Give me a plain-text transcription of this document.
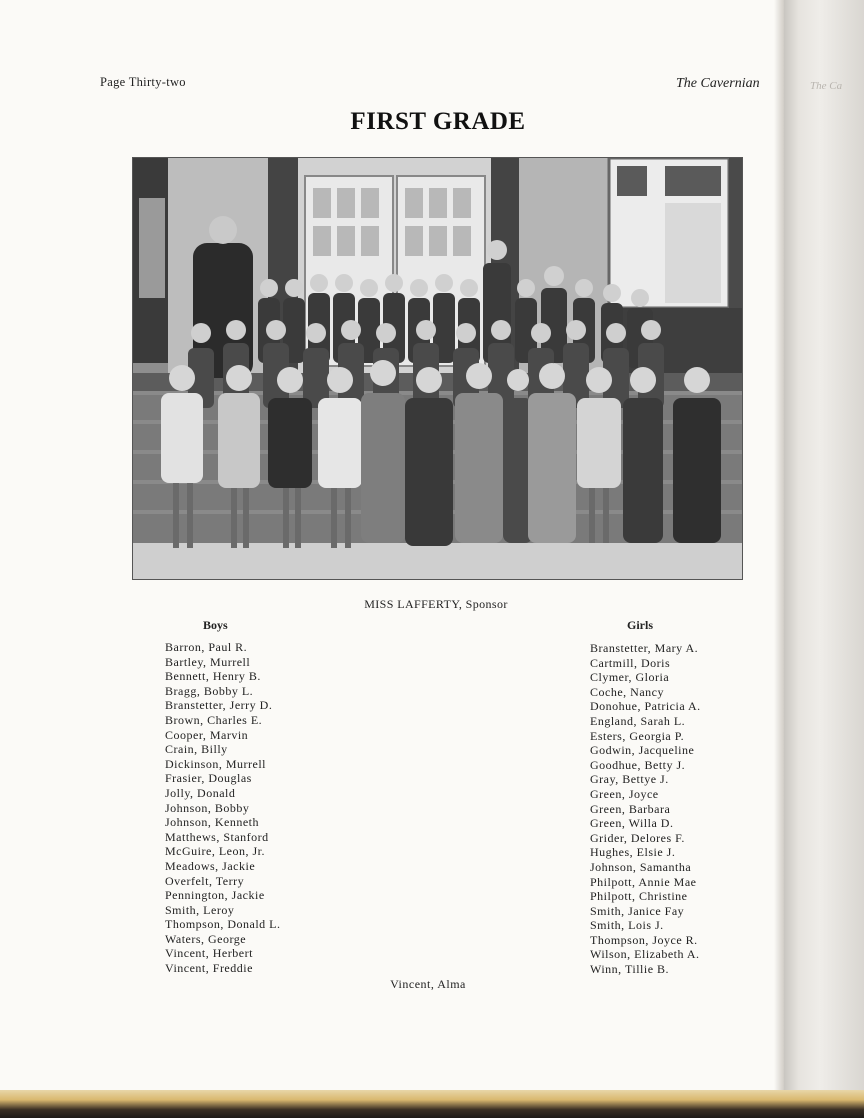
Page Thirty-two	The Cavernian
FIRST GRADE
MISS LAFFERTY, Sponsor
Boys	Girls
Barron, Paul R.
Bartley, Murrell
Bennett, Henry B.
Bragg, Bobby L.
Branstetter, Jerry D.
Brown, Charles E.
Cooper, Marvin
Crain, Billy
Dickinson, Murrell
Frasier, Douglas
Jolly, Donald
Johnson, Bobby
Johnson, Kenneth
Matthews, Stanford
McGuire, Leon, Jr.
Meadows, Jackie
Overfelt, Terry
Pennington, Jackie
Smith, Leroy
Thompson, Donald L.
Waters, George
Vincent, Herbert
Vincent, Freddie
Branstetter, Mary A.
Cartmill, Doris
Clymer, Gloria
Coche, Nancy
Donohue, Patricia A.
England, Sarah L.
Esters, Georgia P.
Godwin, Jacqueline
Goodhue, Betty J.
Gray, Bettye J.
Green, Joyce
Green, Barbara
Green, Willa D.
Grider, Delores F.
Hughes, Elsie J.
Johnson, Samantha
Philpott, Annie Mae
Philpott, Christine
Smith, Janice Fay
Smith, Lois J.
Thompson, Joyce R.
Wilson, Elizabeth A.
Winn, Tillie B.
Vincent, Alma
The Ca
